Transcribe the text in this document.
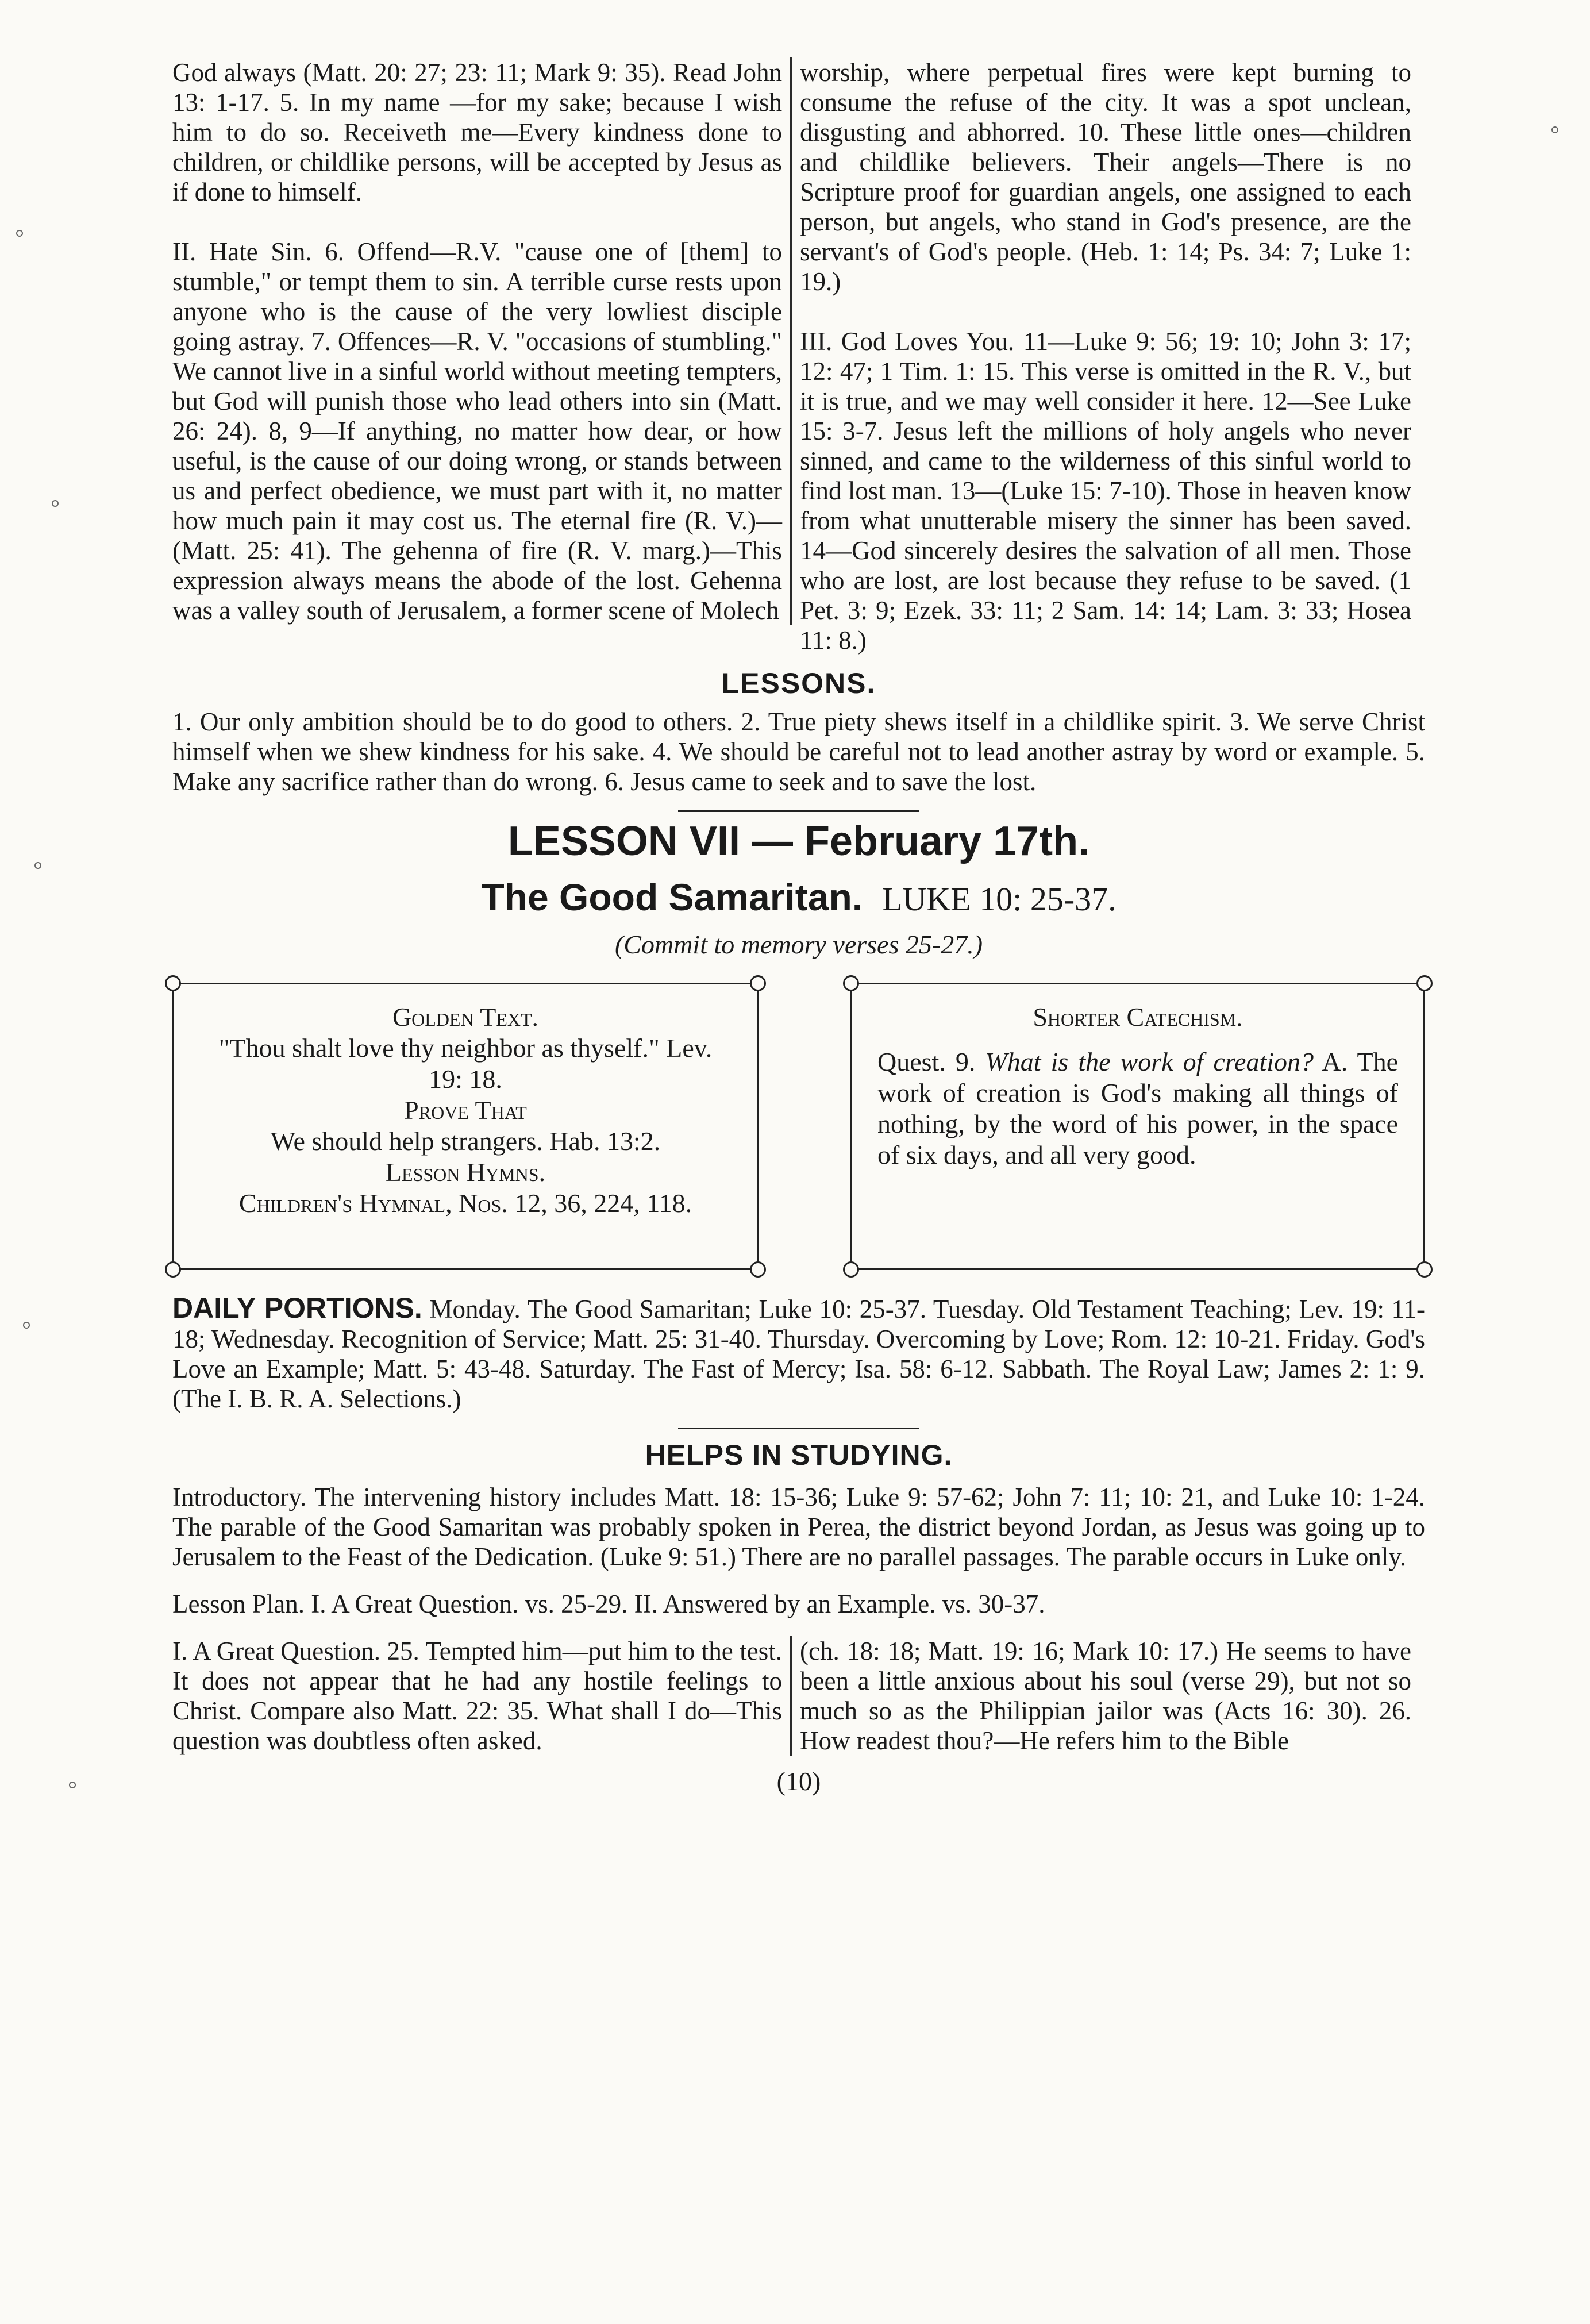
God always (Matt. 20: 27; 23: 11; Mark 9: 35). Read John 13: 1-17. 5. In my name —for my sake; because I wish him to do so. Receiveth me—Every kindness done to children, or childlike persons, will be accepted by Jesus as if done to himself.

II. Hate Sin. 6. Offend—R.V. "cause one of [them] to stumble," or tempt them to sin. A terrible curse rests upon anyone who is the cause of the very lowliest disciple going astray. 7. Offences—R. V. "occasions of stumbling." We cannot live in a sinful world without meeting tempters, but God will punish those who lead others into sin (Matt. 26: 24). 8, 9—If anything, no matter how dear, or how useful, is the cause of our doing wrong, or stands between us and perfect obedience, we must part with it, no matter how much pain it may cost us. The eternal fire (R. V.)—(Matt. 25: 41). The gehenna of fire (R. V. marg.)—This expression always means the abode of the lost. Gehenna was a valley south of Jerusalem, a former scene of Molech

worship, where perpetual fires were kept burning to consume the refuse of the city. It was a spot unclean, disgusting and abhorred. 10. These little ones—children and childlike believers. Their angels—There is no Scripture proof for guardian angels, one assigned to each person, but angels, who stand in God's presence, are the servant's of God's people. (Heb. 1: 14; Ps. 34: 7; Luke 1: 19.)

III. God Loves You. 11—Luke 9: 56; 19: 10; John 3: 17; 12: 47; 1 Tim. 1: 15. This verse is omitted in the R. V., but it is true, and we may well consider it here. 12—See Luke 15: 3-7. Jesus left the millions of holy angels who never sinned, and came to the wilderness of this sinful world to find lost man. 13—(Luke 15: 7-10). Those in heaven know from what unutterable misery the sinner has been saved. 14—God sincerely desires the salvation of all men. Those who are lost, are lost because they refuse to be saved. (1 Pet. 3: 9; Ezek. 33: 11; 2 Sam. 14: 14; Lam. 3: 33; Hosea 11: 8.)

LESSONS.

1. Our only ambition should be to do good to others. 2. True piety shews itself in a childlike spirit. 3. We serve Christ himself when we shew kindness for his sake. 4. We should be careful not to lead another astray by word or example. 5. Make any sacrifice rather than do wrong. 6. Jesus came to seek and to save the lost.

LESSON VII — February 17th.
The Good Samaritan. LUKE 10: 25-37.
(Commit to memory verses 25-27.)
Golden Text.
"Thou shalt love thy neighbor as thyself." Lev. 19: 18.
Prove That
We should help strangers. Hab. 13:2.
Lesson Hymns.
Children's Hymnal, Nos. 12, 36, 224, 118.
Shorter Catechism.

Quest. 9. What is the work of creation? A. The work of creation is God's making all things of nothing, by the word of his power, in the space of six days, and all very good.

DAILY PORTIONS. Monday. The Good Samaritan; Luke 10: 25-37. Tuesday. Old Testament Teaching; Lev. 19: 11-18; Wednesday. Recognition of Service; Matt. 25: 31-40. Thursday. Overcoming by Love; Rom. 12: 10-21. Friday. God's Love an Example; Matt. 5: 43-48. Saturday. The Fast of Mercy; Isa. 58: 6-12. Sabbath. The Royal Law; James 2: 1: 9. (The I. B. R. A. Selections.)

HELPS IN STUDYING.

Introductory. The intervening history includes Matt. 18: 15-36; Luke 9: 57-62; John 7: 11; 10: 21, and Luke 10: 1-24. The parable of the Good Samaritan was probably spoken in Perea, the district beyond Jordan, as Jesus was going up to Jerusalem to the Feast of the Dedication. (Luke 9: 51.) There are no parallel passages. The parable occurs in Luke only.

Lesson Plan. I. A Great Question. vs. 25-29. II. Answered by an Example. vs. 30-37.

I. A Great Question. 25. Tempted him—put him to the test. It does not appear that he had any hostile feelings to Christ. Compare also Matt. 22: 35. What shall I do—This question was doubtless often asked.

(ch. 18: 18; Matt. 19: 16; Mark 10: 17.) He seems to have been a little anxious about his soul (verse 29), but not so much so as the Philippian jailor was (Acts 16: 30). 26. How readest thou?—He refers him to the Bible

(10)
